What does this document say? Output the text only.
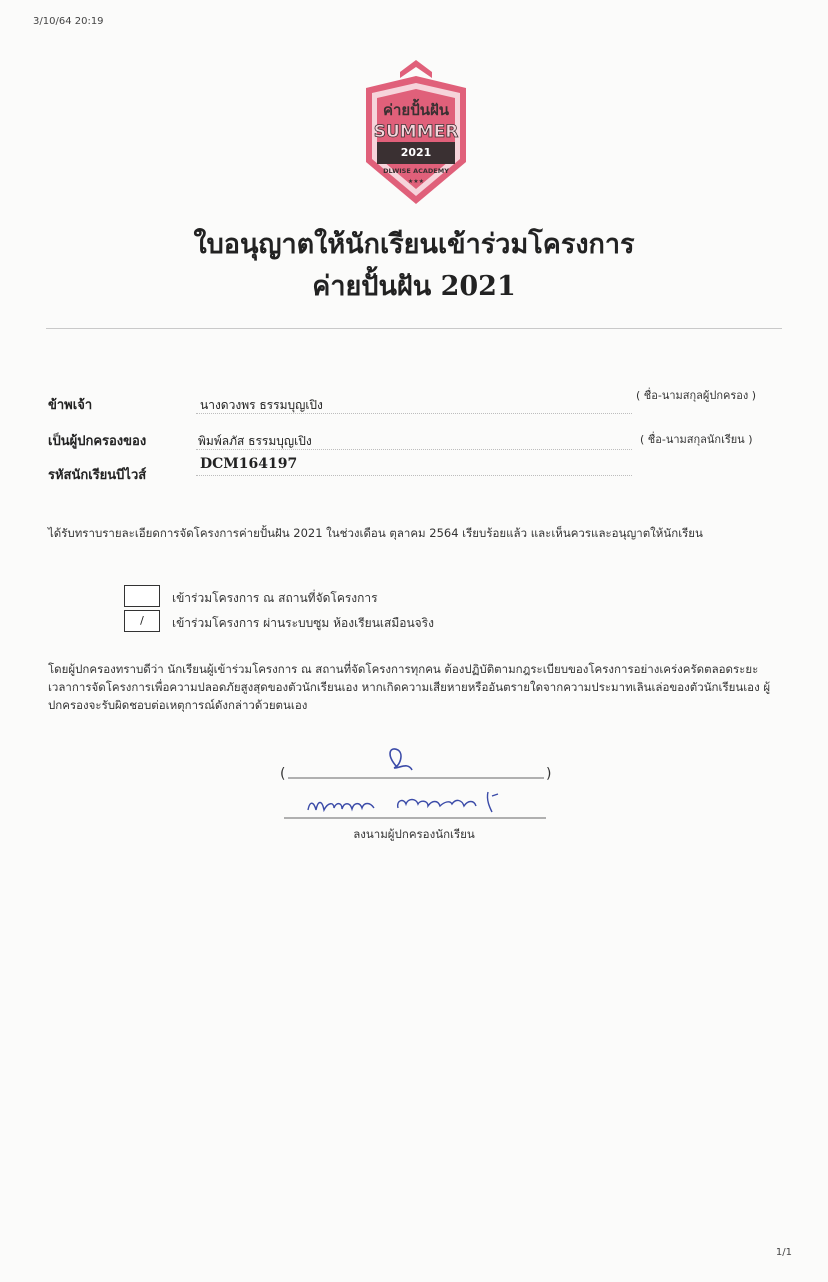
3/10/64 20:19
ค่ายปั้นฝัน
SUMMER
2021
DLWISE ACADEMY
★★★
ใบอนุญาตให้นักเรียนเข้าร่วมโครงการ
ค่ายปั้นฝัน 2021
ข้าพเจ้า	นางดวงพร ธรรมบุญเปิง
( ชื่อ-นามสกุลผู้ปกครอง )
เป็นผู้ปกครองของ	พิมพ์ลภัส ธรรมบุญเปิง	( ชื่อ-นามสกุลนักเรียน )
รหัสนักเรียนบีไวส์
DCM164197
ได้รับทราบรายละเอียดการจัดโครงการค่ายปั้นฝัน 2021 ในช่วงเดือน ตุลาคม 2564 เรียบร้อยแล้ว และเห็นควรและอนุญาตให้นักเรียน
เข้าร่วมโครงการ ณ สถานที่จัดโครงการ
/	เข้าร่วมโครงการ ผ่านระบบซูม ห้องเรียนเสมือนจริง
โดยผู้ปกครองทราบดีว่า นักเรียนผู้เข้าร่วมโครงการ ณ สถานที่จัดโครงการทุกคน ต้องปฏิบัติตามกฎระเบียบของโครงการอย่างเคร่งครัดตลอดระยะเวลาการจัดโครงการเพื่อความปลอดภัยสูงสุดของตัวนักเรียนเอง หากเกิดความเสียหายหรืออันตรายใดจากความประมาทเลินเล่อของตัวนักเรียนเอง ผู้ปกครองจะรับผิดชอบต่อเหตุการณ์ดังกล่าวด้วยตนเอง
(	)
ลงนามผู้ปกครองนักเรียน
1/1
